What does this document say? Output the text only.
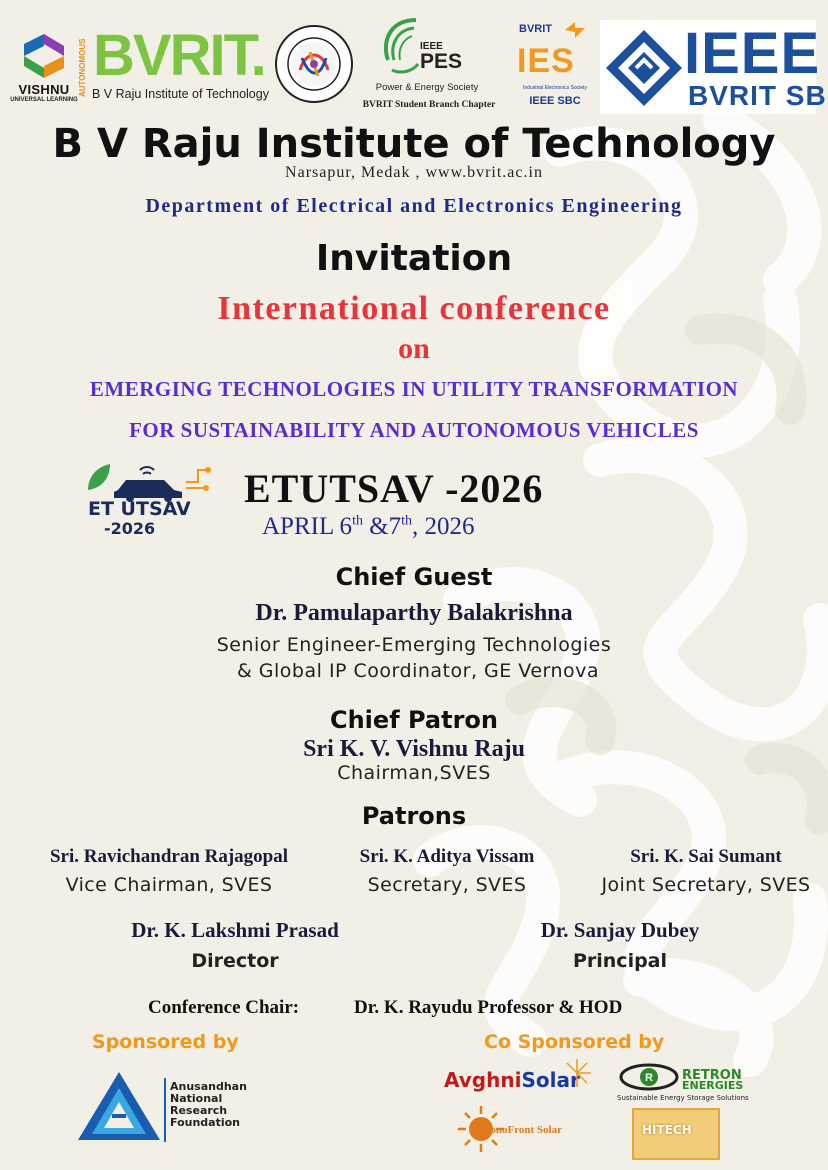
VISHNU
UNIVERSAL LEARNING
AUTONOMOUS BVRIT.
B V Raju Institute of Technology
IEEE
PES
Power & Energy Society
BVRIT Student Branch Chapter
BVRIT
IES
Industrial Electronics Society
IEEE SBC
IEEE
BVRIT SB
B V Raju Institute of Technology
Narsapur, Medak , www.bvrit.ac.in
Department of Electrical and Electronics Engineering
Invitation
International conference
on
EMERGING TECHNOLOGIES IN UTILITY TRANSFORMATION
FOR SUSTAINABILITY AND AUTONOMOUS VEHICLES
ET UTSAV
-2026
ETUTSAV -2026
APRIL 6th &7th, 2026
Chief Guest
Dr. Pamulaparthy Balakrishna
Senior Engineer-Emerging Technologies
& Global IP Coordinator, GE Vernova
Chief Patron
Sri K. V. Vishnu Raju
Chairman,SVES
Patrons
Sri. Ravichandran Rajagopal
Vice Chairman, SVES
Sri. K. Aditya Vissam
Secretary, SVES
Sri. K. Sai Sumant
Joint Secretary, SVES
Dr. K. Lakshmi Prasad
Director
Dr. Sanjay Dubey
Principal
Conference Chair:	Dr. K. Rayudu Professor & HOD
Sponsored by
Anusandhan
National
Research
Foundation
Co Sponsored by
AvghniSolar	R RETRON
ENERGIES
Sustainable Energy Storage Solutions
MonoFront Solar	HITECH
